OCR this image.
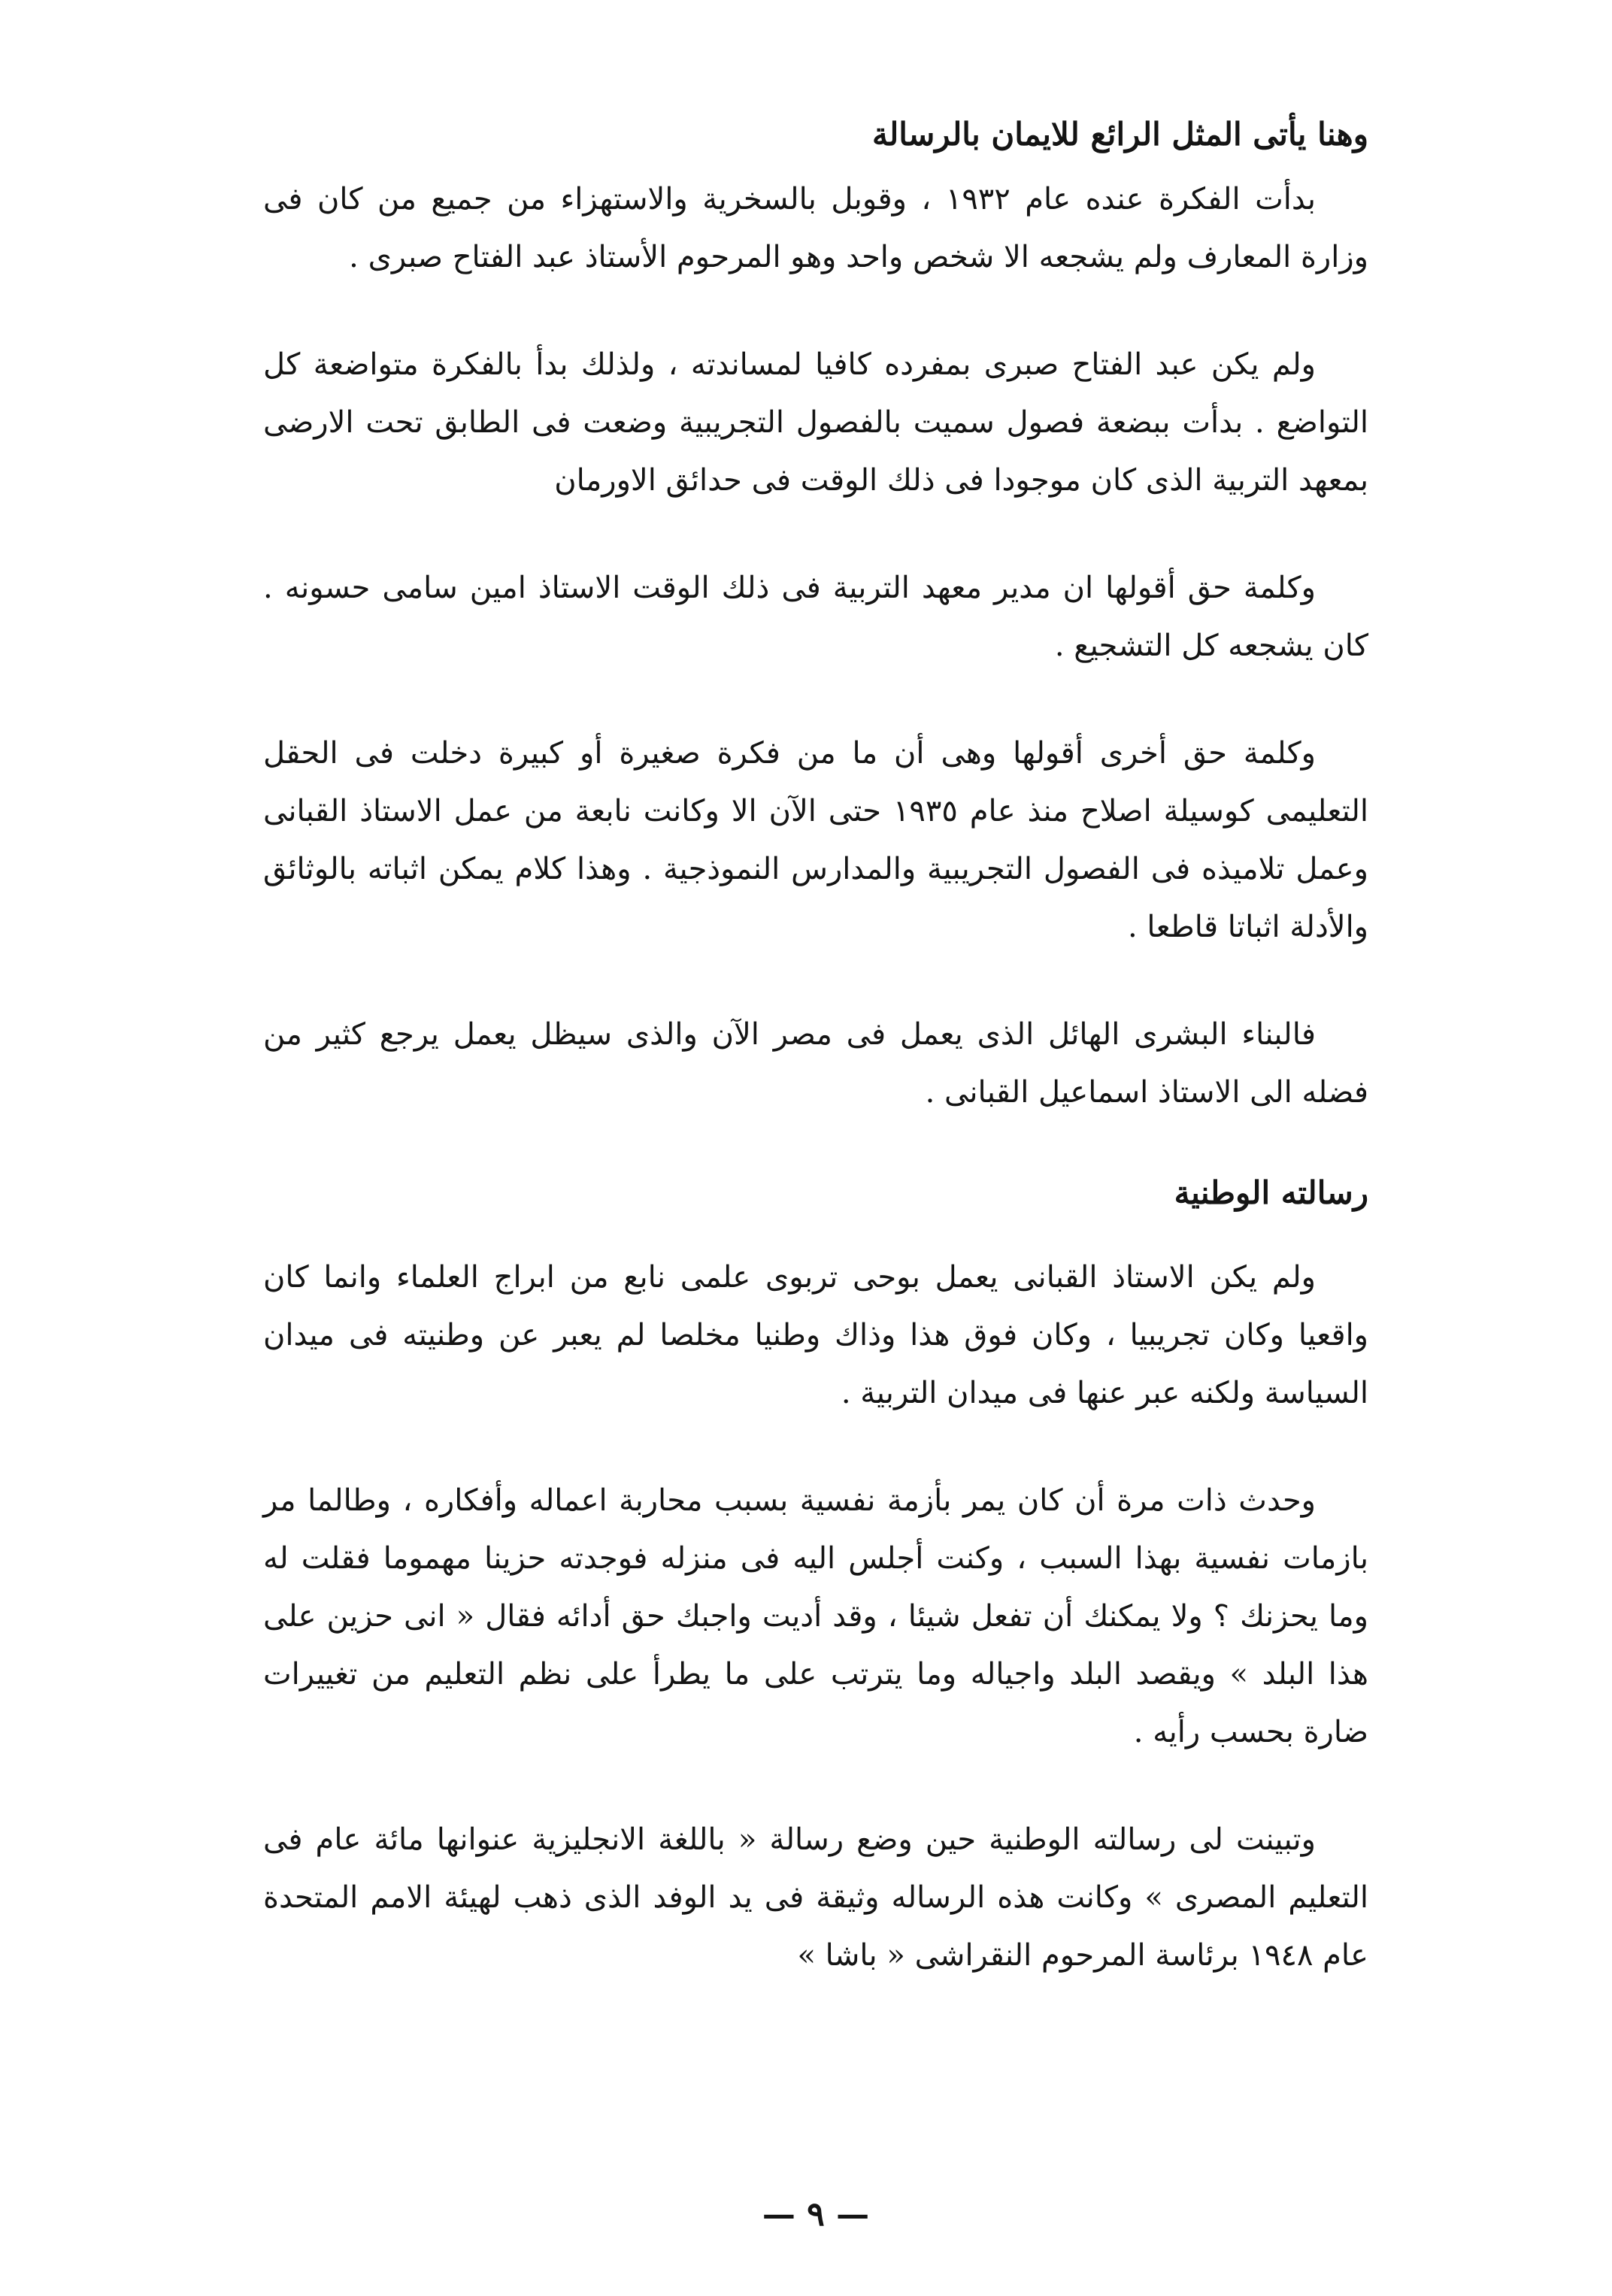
وهنا يأتى المثل الرائع للايمان بالرسالة

بدأت الفكرة عنده عام ١٩٣٢ ، وقوبل بالسخرية والاستهزاء من جميع من كان فى وزارة المعارف ولم يشجعه الا شخص واحد وهو المرحوم الأستاذ عبد الفتاح صبرى .

ولم يكن عبد الفتاح صبرى بمفرده كافيا لمساندته ، ولذلك بدأ بالفكرة متواضعة كل التواضع . بدأت ببضعة فصول سميت بالفصول التجريبية وضعت فى الطابق تحت الارضى بمعهد التربية الذى كان موجودا فى ذلك الوقت فى حدائق الاورمان

وكلمة حق أقولها ان مدير معهد التربية فى ذلك الوقت الاستاذ امين سامى حسونه . كان يشجعه كل التشجيع .

وكلمة حق أخرى أقولها وهى أن ما من فكرة صغيرة أو كبيرة دخلت فى الحقل التعليمى كوسيلة اصلاح منذ عام ١٩٣٥ حتى الآن الا وكانت نابعة من عمل الاستاذ القبانى وعمل تلاميذه فى الفصول التجريبية والمدارس النموذجية . وهذا كلام يمكن اثباته بالوثائق والأدلة اثباتا قاطعا .

فالبناء البشرى الهائل الذى يعمل فى مصر الآن والذى سيظل يعمل يرجع كثير من فضله الى الاستاذ اسماعيل القبانى .

رسالته الوطنية

ولم يكن الاستاذ القبانى يعمل بوحى تربوى علمى نابع من ابراج العلماء وانما كان واقعيا وكان تجريبيا ، وكان فوق هذا وذاك وطنيا مخلصا لم يعبر عن وطنيته فى ميدان السياسة ولكنه عبر عنها فى ميدان التربية .

وحدث ذات مرة أن كان يمر بأزمة نفسية بسبب محاربة اعماله وأفكاره ، وطالما مر بازمات نفسية بهذا السبب ، وكنت أجلس اليه فى منزله فوجدته حزينا مهموما فقلت له وما يحزنك ؟ ولا يمكنك أن تفعل شيئا ، وقد أديت واجبك حق أدائه فقال « انى حزين على هذا البلد » ويقصد البلد واجياله وما يترتب على ما يطرأ على نظم التعليم من تغييرات ضارة بحسب رأيه .

وتبينت لى رسالته الوطنية حين وضع رسالة « باللغة الانجليزية عنوانها مائة عام فى التعليم المصرى » وكانت هذه الرساله وثيقة فى يد الوفد الذى ذهب لهيئة الامم المتحدة عام ١٩٤٨ برئاسة المرحوم النقراشى « باشا »

— ٩ —
